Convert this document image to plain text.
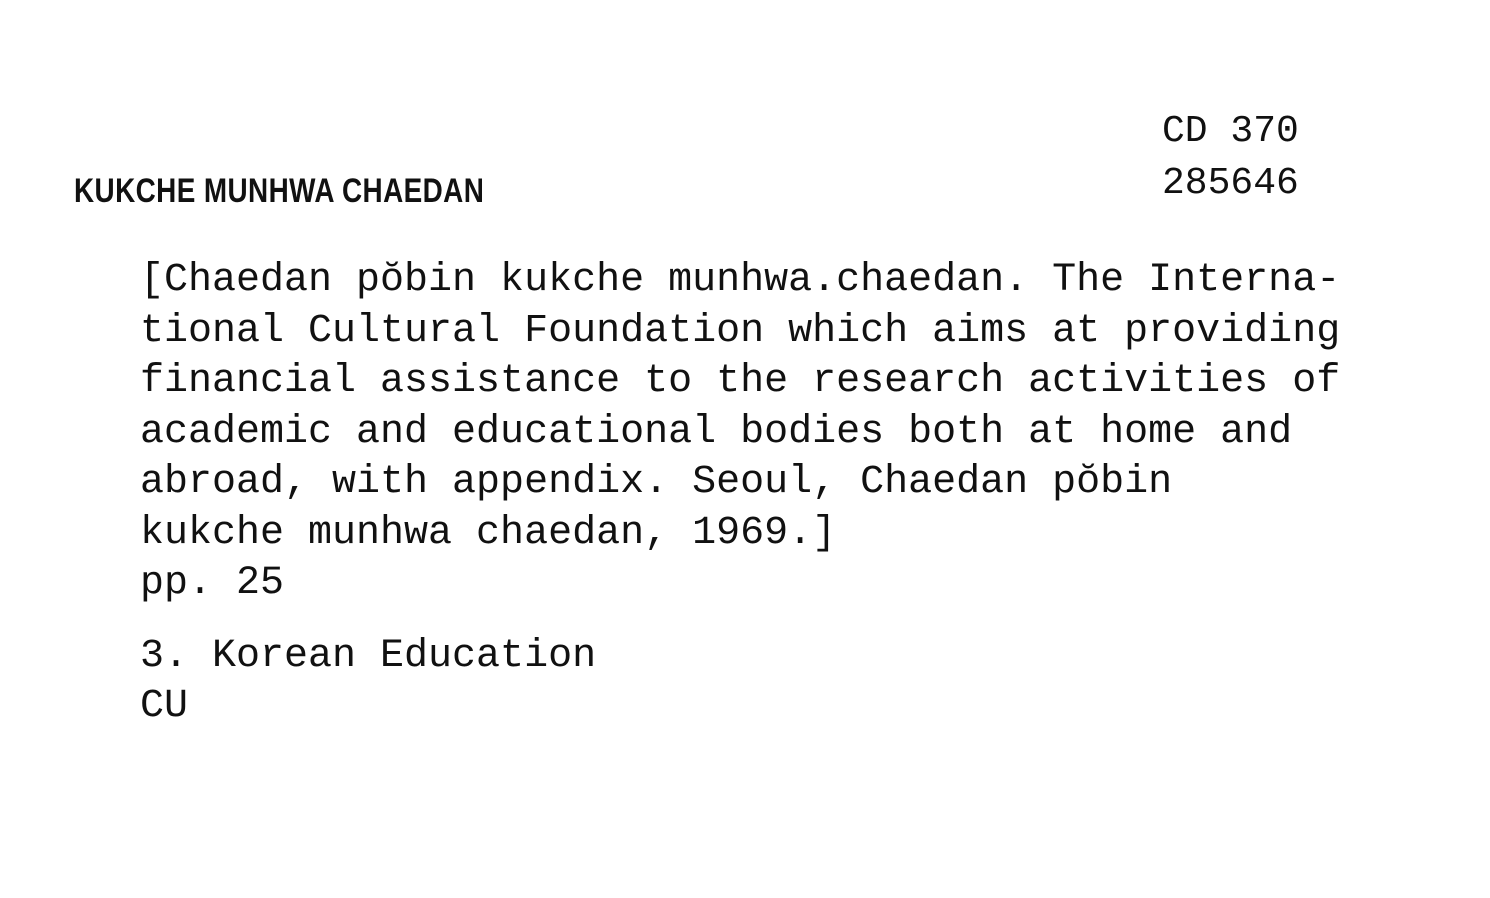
CD 370
285646
KUKCHE MUNHWA CHAEDAN
[Chaedan pŏbin kukche munhwa.chaedan. The Interna-
tional Cultural Foundation which aims at providing
financial assistance to the research activities of
academic and educational bodies both at home and
abroad, with appendix. Seoul, Chaedan pŏbin
kukche munhwa chaedan, 1969.]
pp. 25
3. Korean Education
CU
